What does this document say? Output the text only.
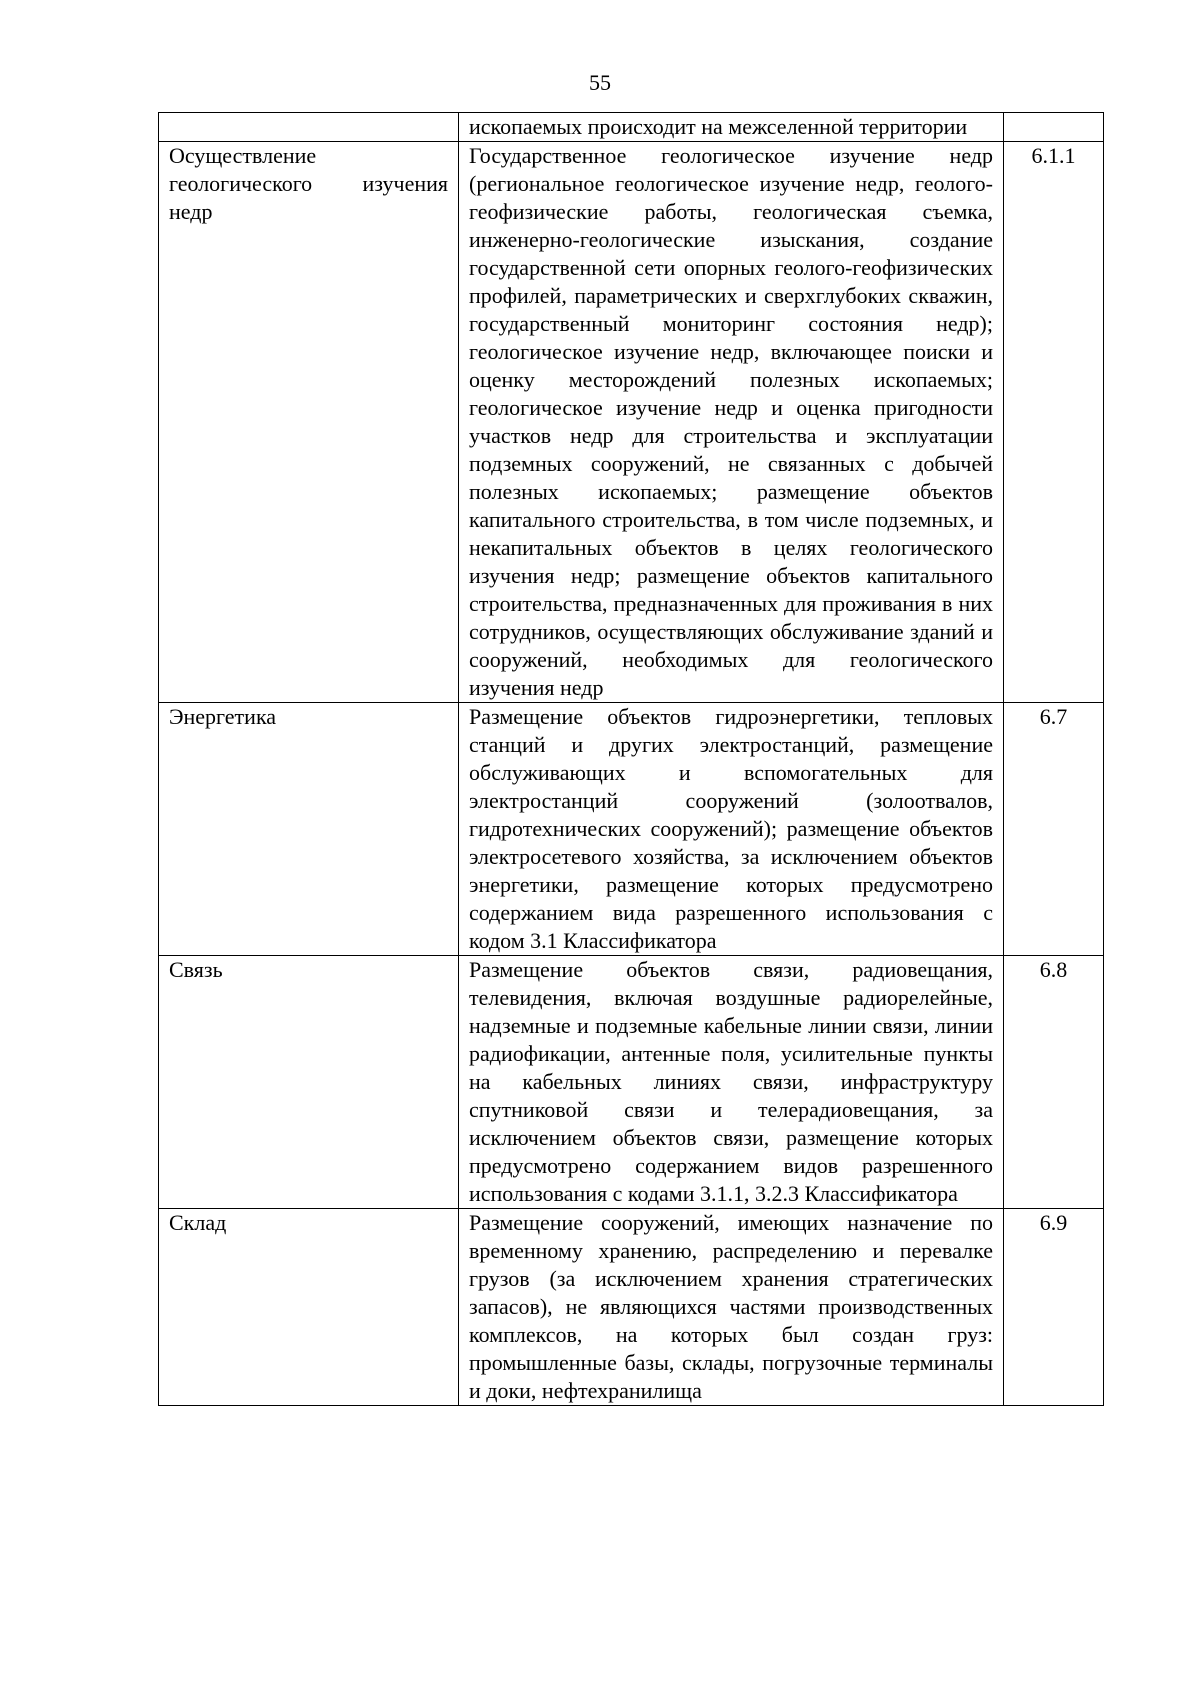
55
	ископаемых происходит на межселенной территории	
Осуществление геологического изучения недр	Государственное геологическое изучение недр (региональное геологическое изучение недр, геолого-геофизические работы, геологическая съемка, инженерно-геологические изыскания, создание государственной сети опорных геолого-геофизических профилей, параметрических и сверхглубоких скважин, государственный мониторинг состояния недр); геологическое изучение недр, включающее поиски и оценку месторождений полезных ископаемых; геологическое изучение недр и оценка пригодности участков недр для строительства и эксплуатации подземных сооружений, не связанных с добычей полезных ископаемых; размещение объектов капитального строительства, в том числе подземных, и некапитальных объектов в целях геологического изучения недр; размещение объектов капитального строительства, предназначенных для проживания в них сотрудников, осуществляющих обслуживание зданий и сооружений, необходимых для геологического изучения недр	6.1.1
Энергетика	Размещение объектов гидроэнергетики, тепловых станций и других электростанций, размещение обслуживающих и вспомогательных для электростанций сооружений (золоотвалов, гидротехнических сооружений); размещение объектов электросетевого хозяйства, за исключением объектов энергетики, размещение которых предусмотрено содержанием вида разрешенного использования с кодом 3.1 Классификатора	6.7
Связь	Размещение объектов связи, радиовещания, телевидения, включая воздушные радиорелейные, надземные и подземные кабельные линии связи, линии радиофикации, антенные поля, усилительные пункты на кабельных линиях связи, инфраструктуру спутниковой связи и телерадиовещания, за исключением объектов связи, размещение которых предусмотрено содержанием видов разрешенного использования с кодами 3.1.1, 3.2.3 Классификатора	6.8
Склад	Размещение сооружений, имеющих назначение по временному хранению, распределению и перевалке грузов (за исключением хранения стратегических запасов), не являющихся частями производственных комплексов, на которых был создан груз: промышленные базы, склады, погрузочные терминалы и доки, нефтехранилища	6.9
